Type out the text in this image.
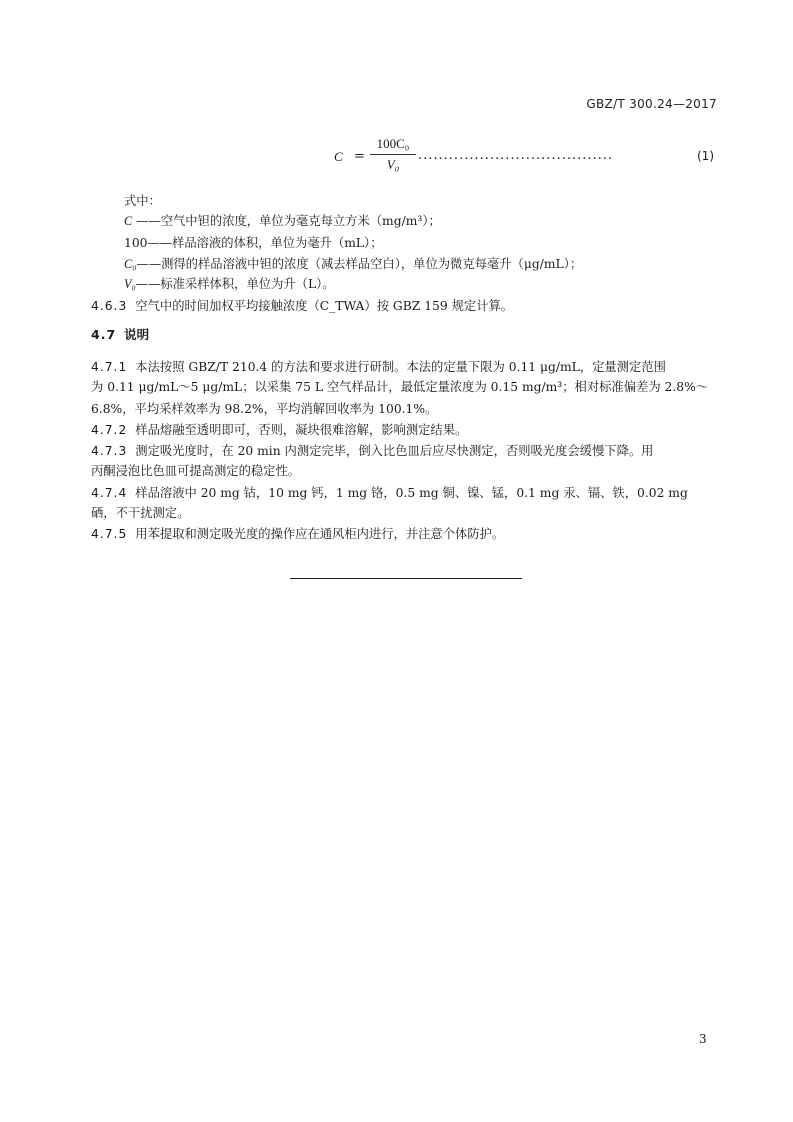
GBZ/T 300.24—2017
$C = \frac{\text{100C₀}}{\text{V₀}}$ ......................................	(1)
式中：
C ——空气中钽的浓度，单位为毫克每立方米（mg/m³）；
100——样品溶液的体积，单位为毫升（mL）；
C₀——测得的样品溶液中钽的浓度（减去样品空白），单位为微克每毫升（μg/mL）；
V₀——标准采样体积，单位为升（L）。
4.6.3 空气中的时间加权平均接触浓度（C_TWA）按 GBZ 159 规定计算。
4.7 说明
4.7.1 本法按照 GBZ/T 210.4 的方法和要求进行研制。本法的定量下限为 0.11 μg/mL，定量测定范围
为 0.11 μg/mL～5 μg/mL；以采集 75 L 空气样品计，最低定量浓度为 0.15 mg/m³；相对标准偏差为 2.8%～
6.8%，平均采样效率为 98.2%，平均消解回收率为 100.1%。
4.7.2 样品熔融至透明即可，否则，凝块很难溶解，影响测定结果。
4.7.3 测定吸光度时，在 20 min 内测定完毕，倒入比色皿后应尽快测定，否则吸光度会缓慢下降。用
丙酮浸泡比色皿可提高测定的稳定性。
4.7.4 样品溶液中 20 mg 钴，10 mg 钙，1 mg 铬，0.5 mg 铜、镍、锰，0.1 mg 汞、镉、铁，0.02 mg
硒，不干扰测定。
4.7.5 用苯提取和测定吸光度的操作应在通风柜内进行，并注意个体防护。
3
